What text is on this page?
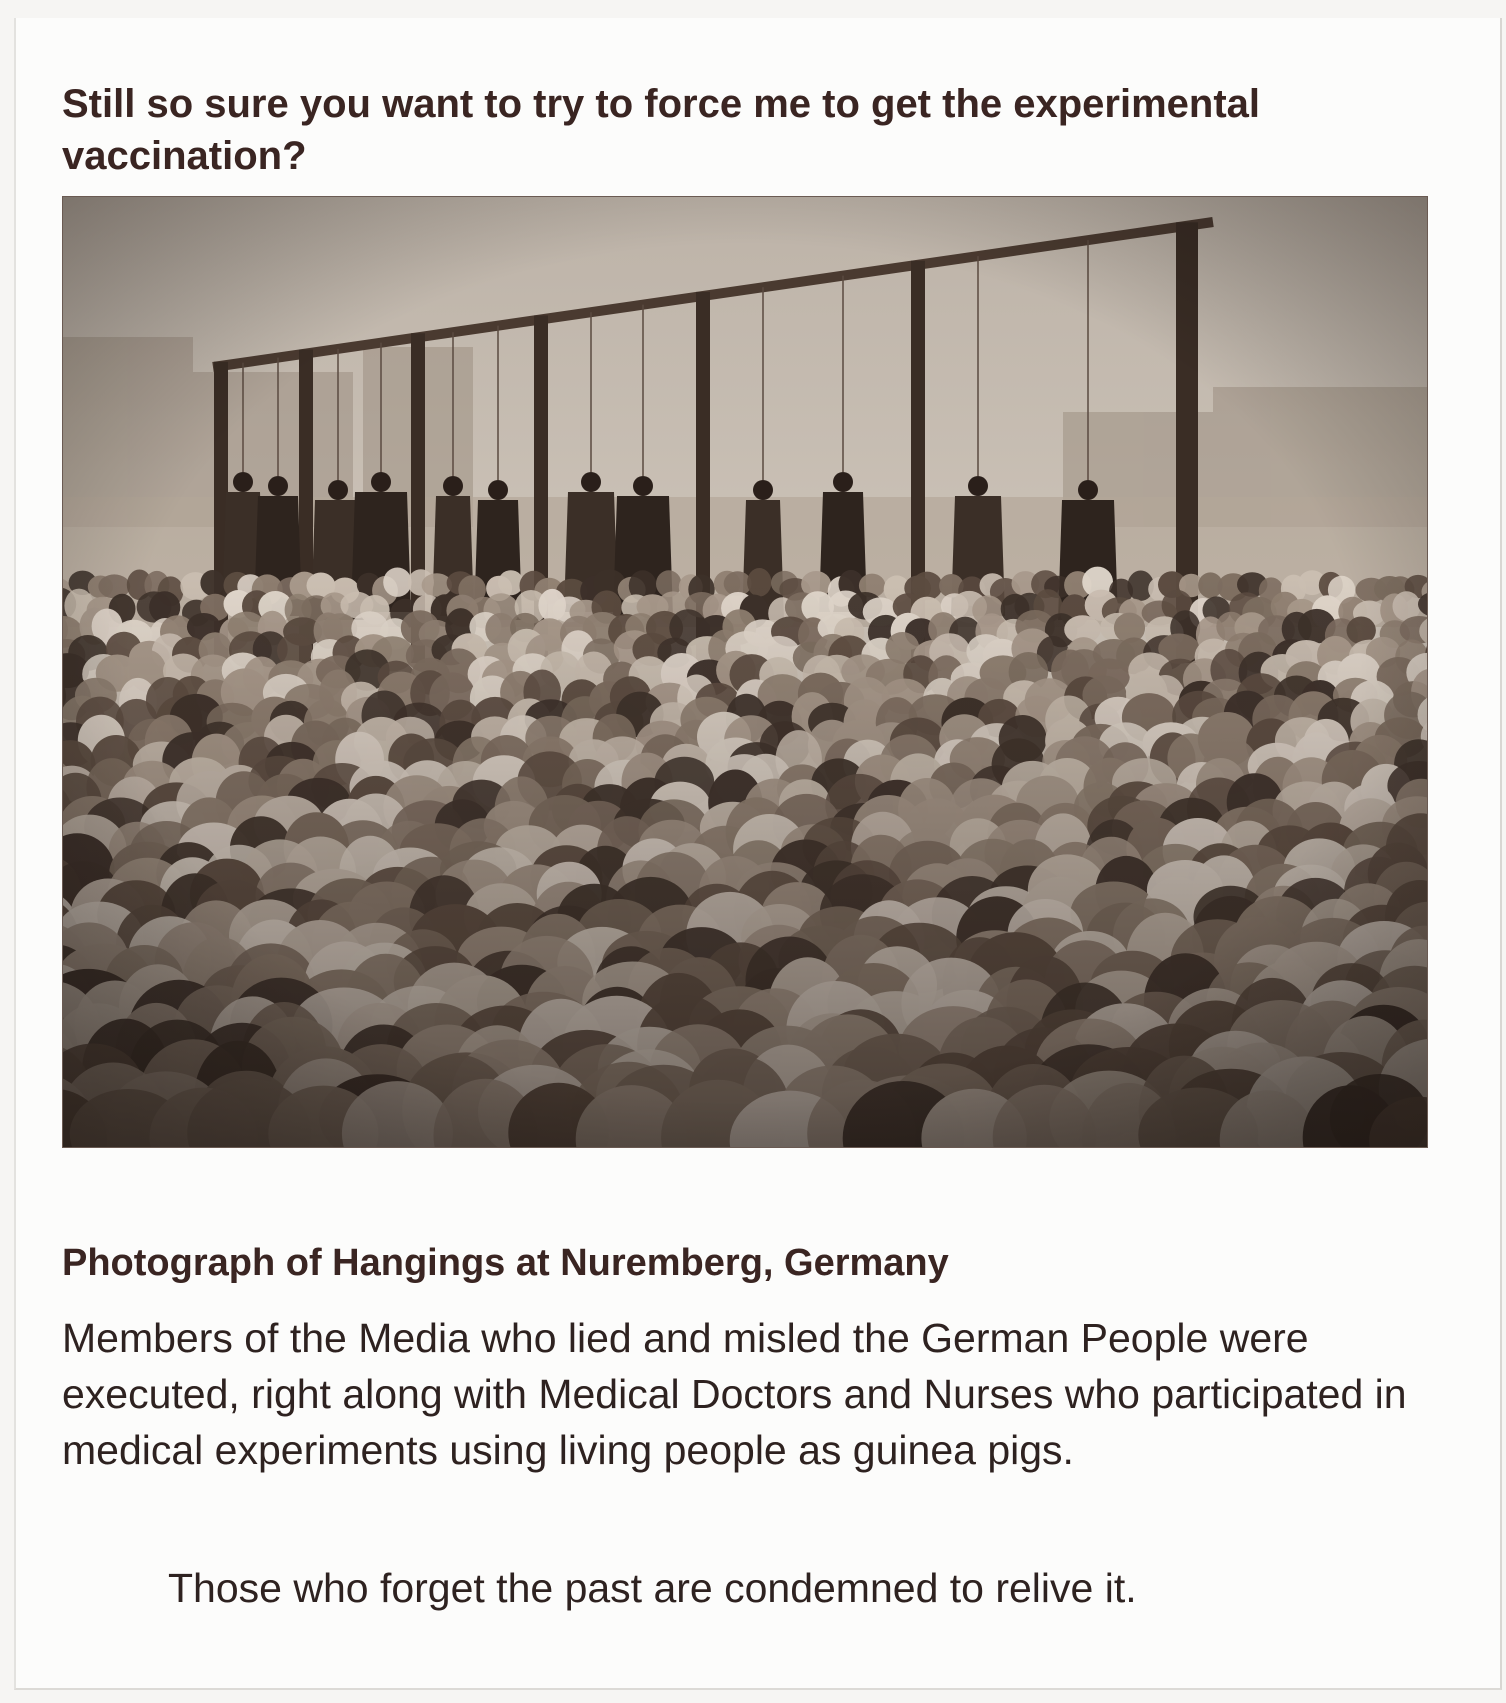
Still so sure you want to try to force me to get the experimental vaccination?
Photograph of Hangings at Nuremberg, Germany

Members of the Media who lied and misled the German People were executed, right along with Medical Doctors and Nurses who participated in medical experiments using living people as guinea pigs.

Those who forget the past are condemned to relive it.
